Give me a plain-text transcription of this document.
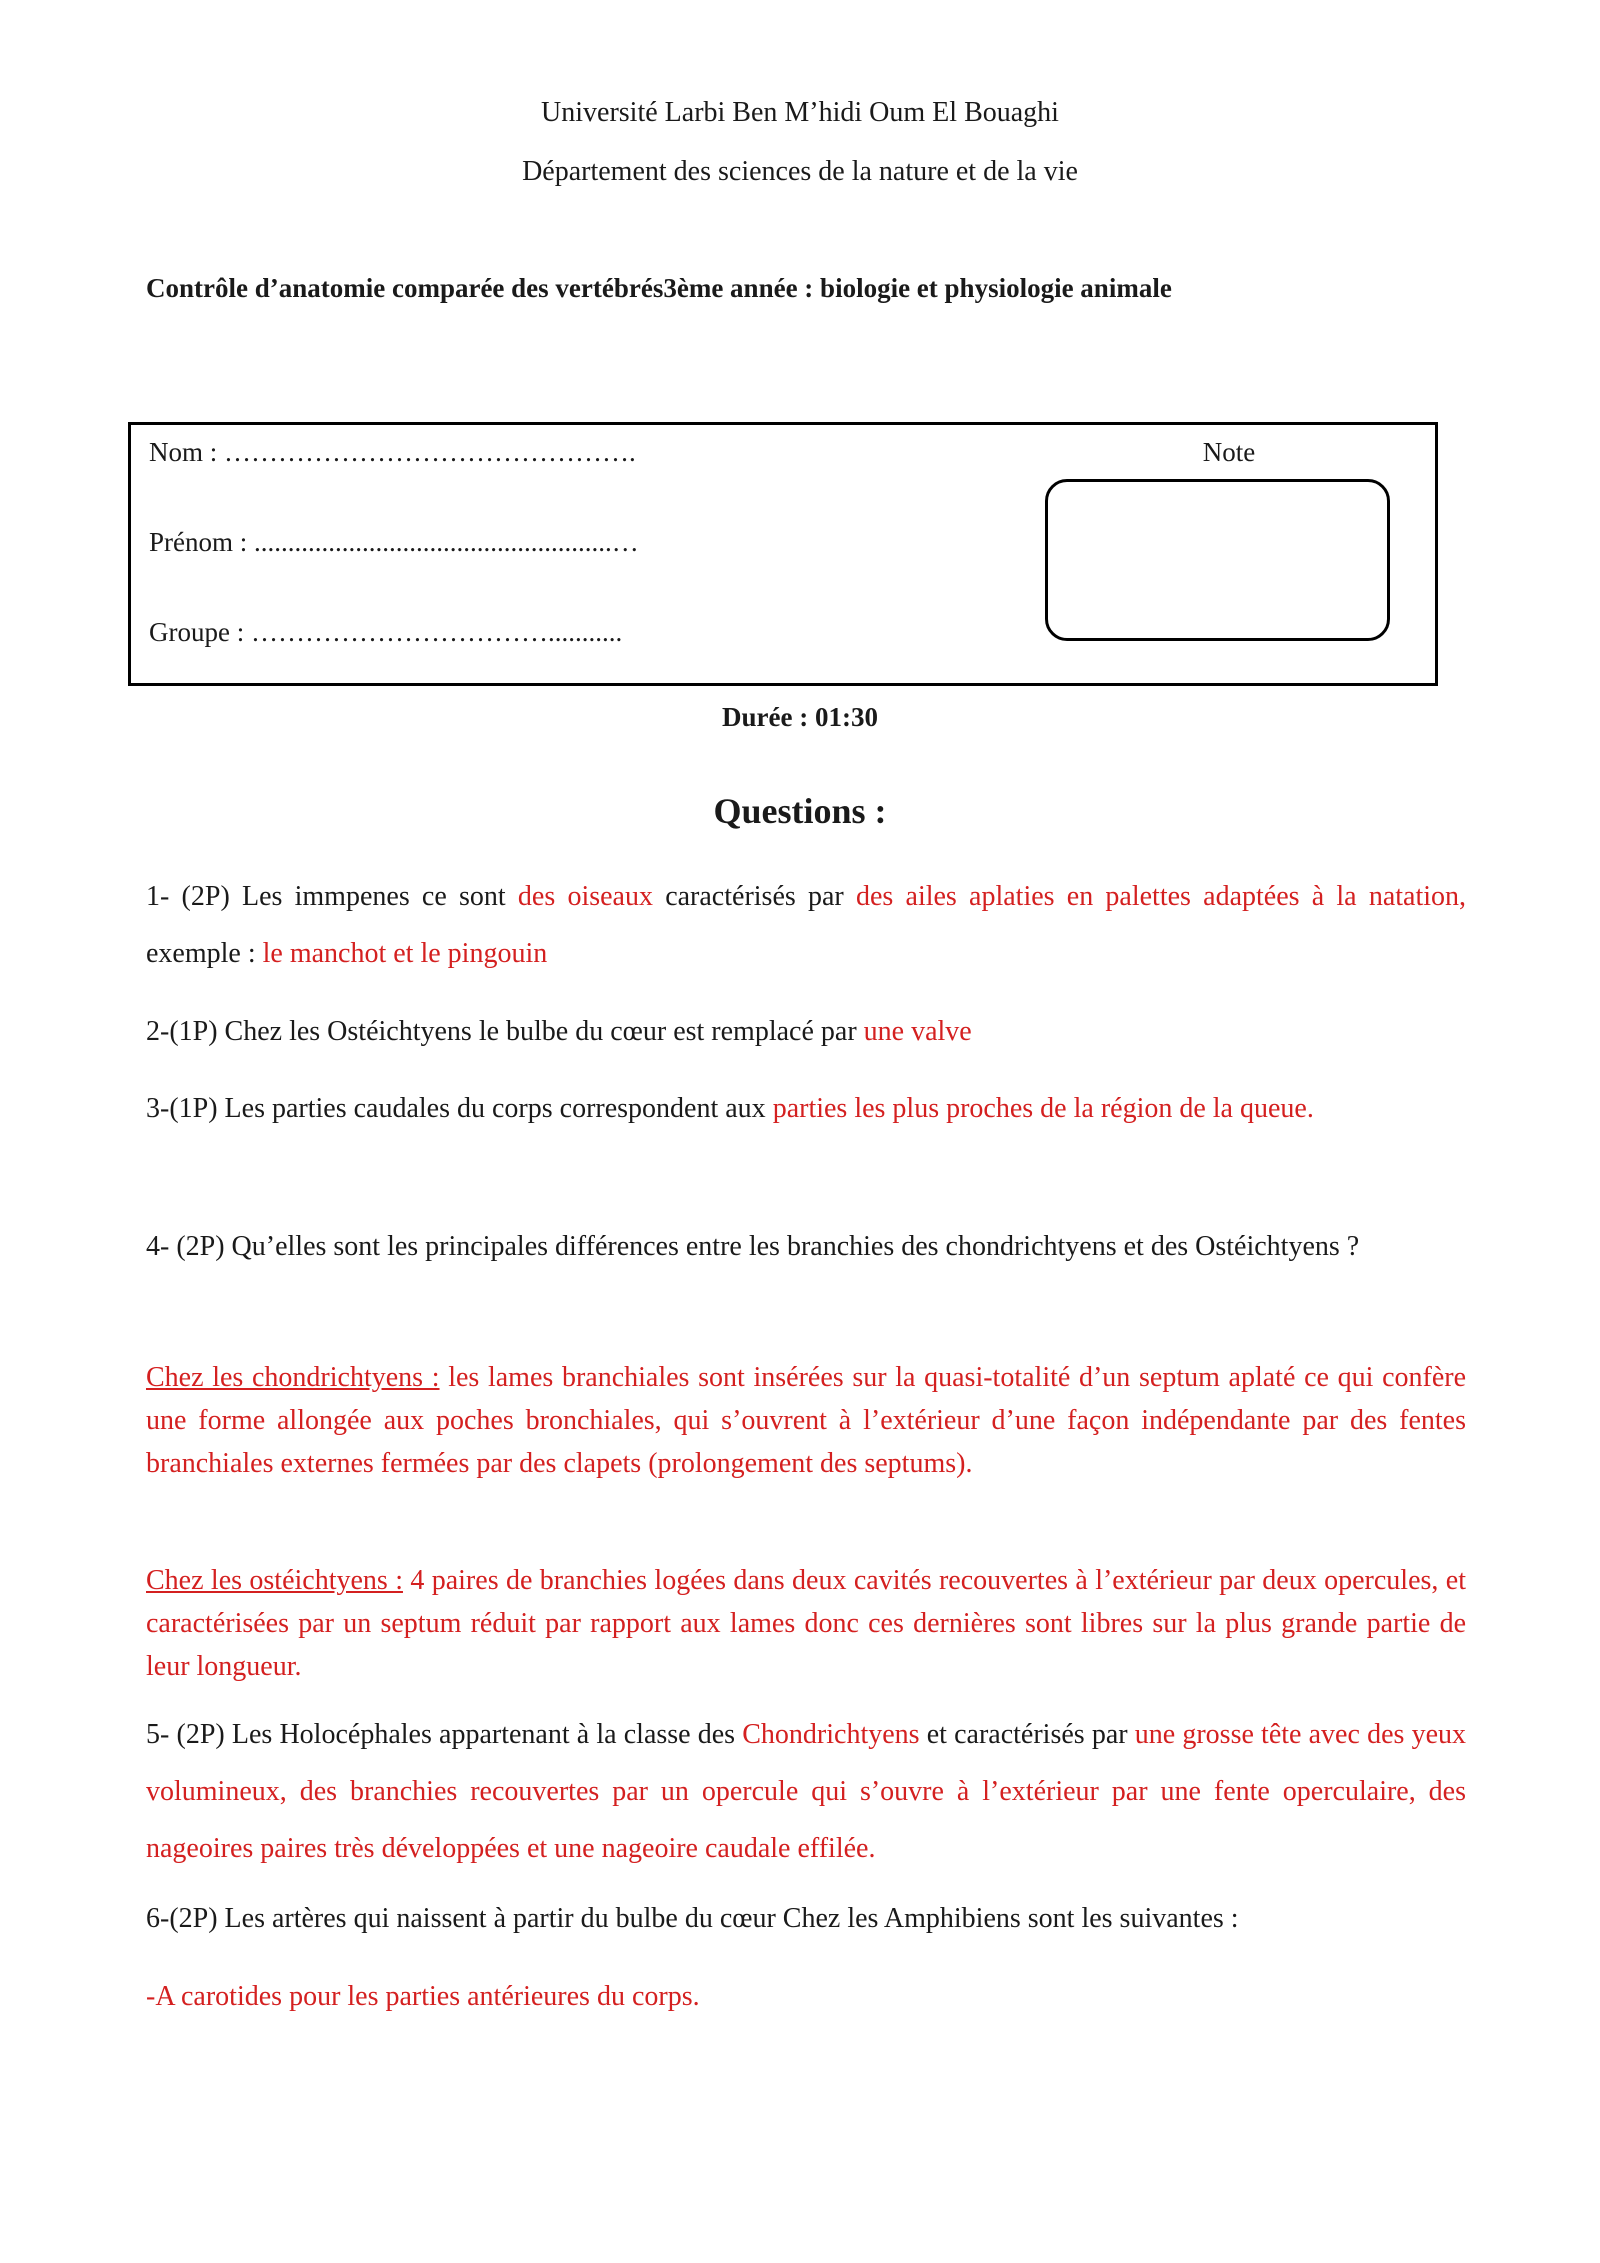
Université Larbi Ben M’hidi Oum El Bouaghi
Département des sciences de la nature et de la vie
Contrôle d’anatomie comparée des vertébrés3ème année : biologie et physiologie animale
Nom : ……………………………………….
Prénom : .....................................................…
Groupe : ……………………………...........
Note
Durée : 01:30
Questions :
1- (2P) Les immpenes ce sont des oiseaux caractérisés par des ailes aplaties en palettes adaptées à la natation, exemple : le manchot et le pingouin
2-(1P) Chez les Ostéichtyens le bulbe du cœur est remplacé par une valve
3-(1P) Les parties caudales du corps correspondent aux parties les plus proches de la région de la queue.
4- (2P) Qu’elles sont les principales différences entre les branchies des chondrichtyens et des Ostéichtyens ?
Chez les chondrichtyens : les lames branchiales sont insérées sur la quasi-totalité d’un septum aplaté ce qui confère une forme allongée aux poches bronchiales, qui s’ouvrent à l’extérieur d’une façon indépendante par des fentes branchiales externes fermées par des clapets (prolongement des septums).
Chez les ostéichtyens : 4 paires de branchies logées dans deux cavités recouvertes à l’extérieur par deux opercules, et caractérisées par un septum réduit par rapport aux lames donc ces dernières sont libres sur la plus grande partie de leur longueur.
5- (2P) Les Holocéphales appartenant à la classe des Chondrichtyens et caractérisés par une grosse tête avec des yeux volumineux, des branchies recouvertes par un opercule qui s’ouvre à l’extérieur par une fente operculaire, des nageoires paires très développées et une nageoire caudale effilée.
6-(2P) Les artères qui naissent à partir du bulbe du cœur Chez les Amphibiens sont les suivantes :
-A carotides pour les parties antérieures du corps.
